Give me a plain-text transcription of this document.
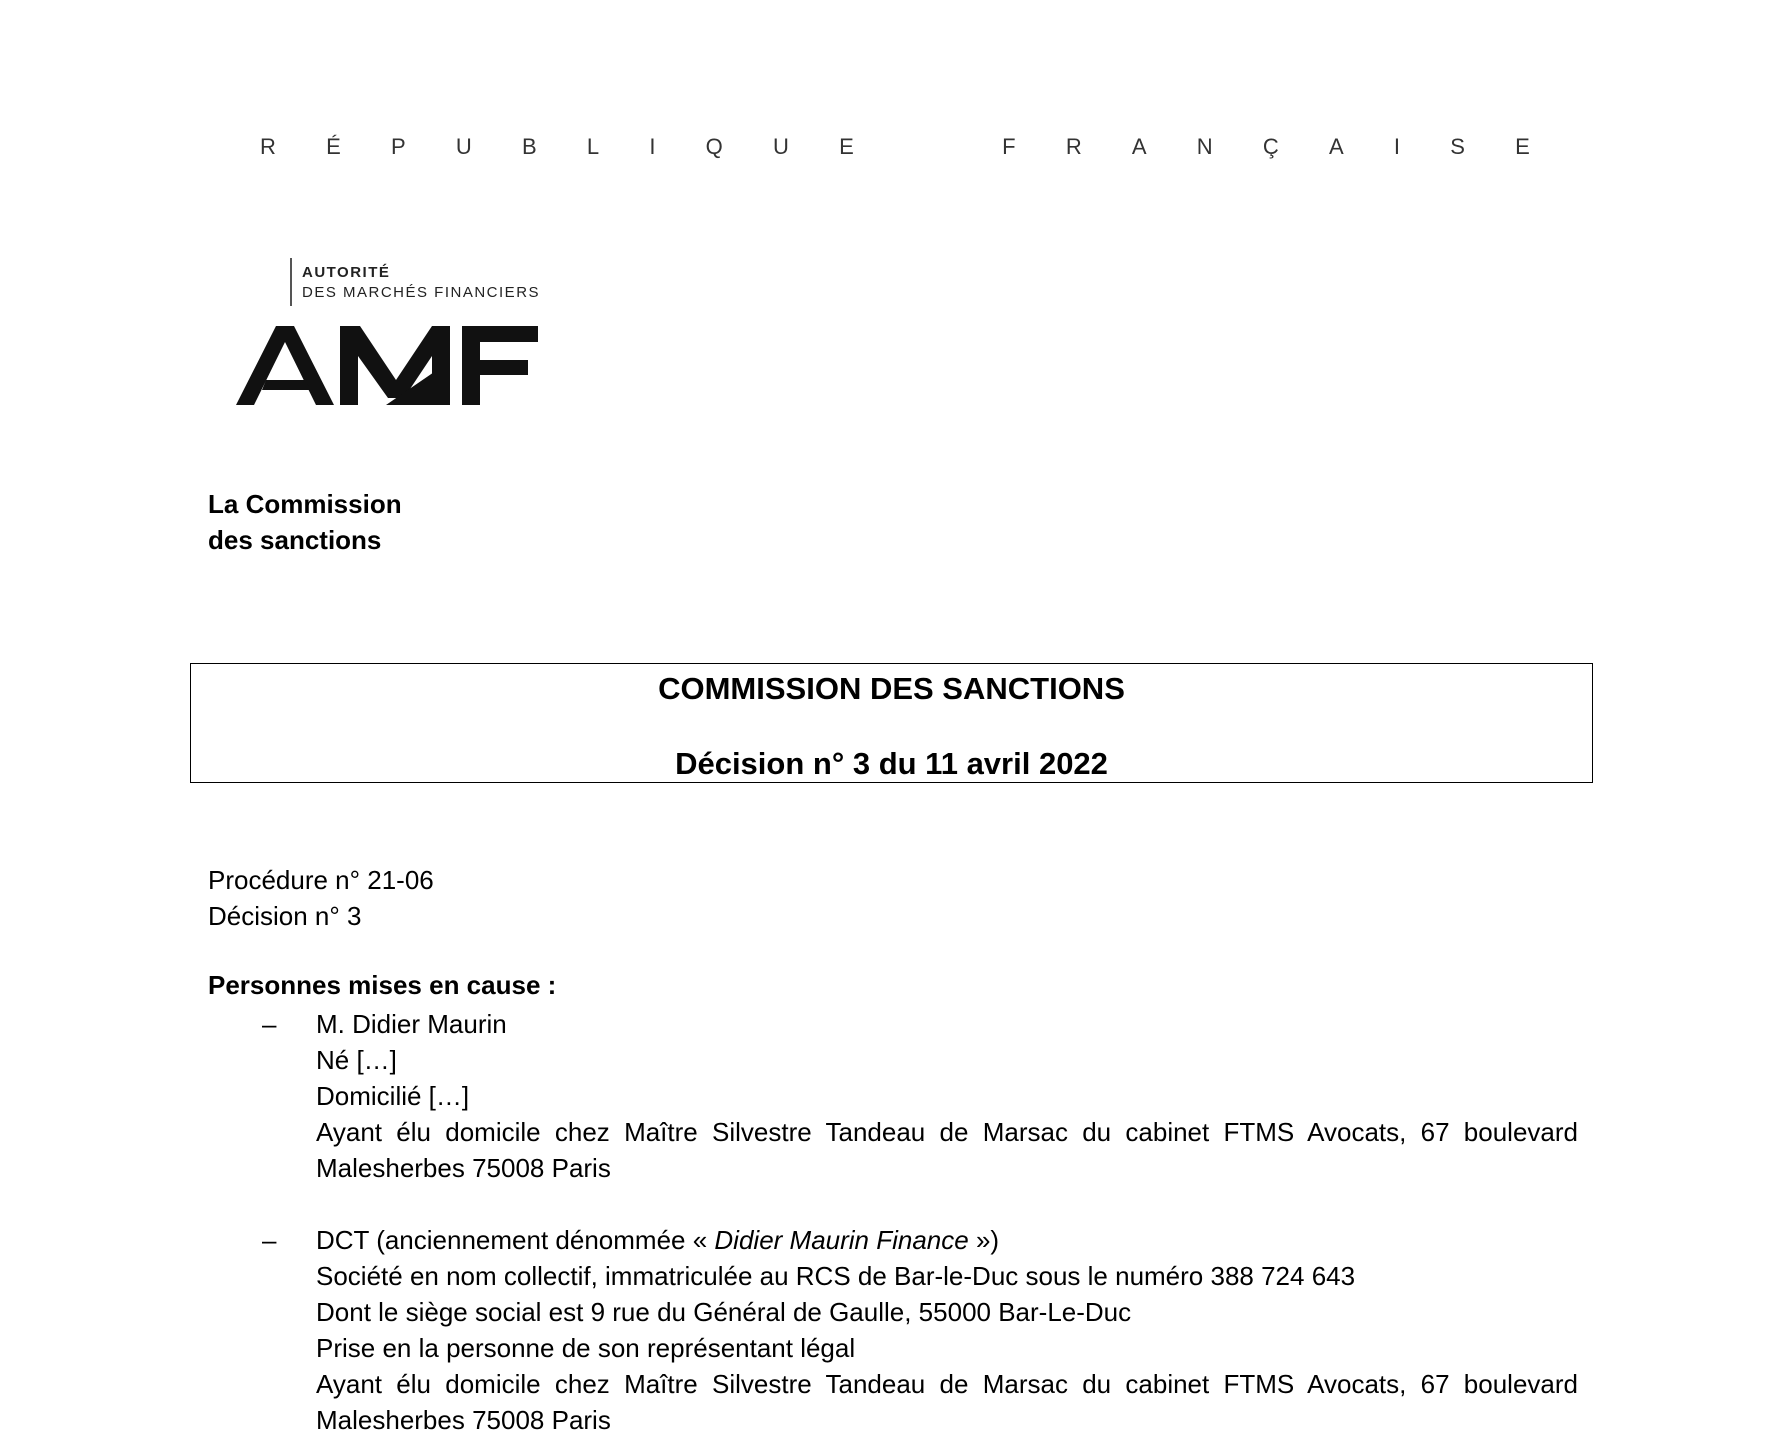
R É P U B L I Q U E	F R A N Ç A I S E
AUTORITÉ
DES MARCHÉS FINANCIERS
La Commission
des sanctions
COMMISSION DES SANCTIONS
Décision n° 3 du 11 avril 2022
Procédure n° 21-06
Décision n° 3
Personnes mises en cause :
–	M. Didier Maurin
Né […]
Domicilié […]
Ayant élu domicile chez Maître Silvestre Tandeau de Marsac du cabinet FTMS Avocats, 67 boulevard Malesherbes 75008 Paris
–	DCT (anciennement dénommée « Didier Maurin Finance »)
Société en nom collectif, immatriculée au RCS de Bar-le-Duc sous le numéro 388 724 643
Dont le siège social est 9 rue du Général de Gaulle, 55000 Bar-Le-Duc
Prise en la personne de son représentant légal
Ayant élu domicile chez Maître Silvestre Tandeau de Marsac du cabinet FTMS Avocats, 67 boulevard Malesherbes 75008 Paris
